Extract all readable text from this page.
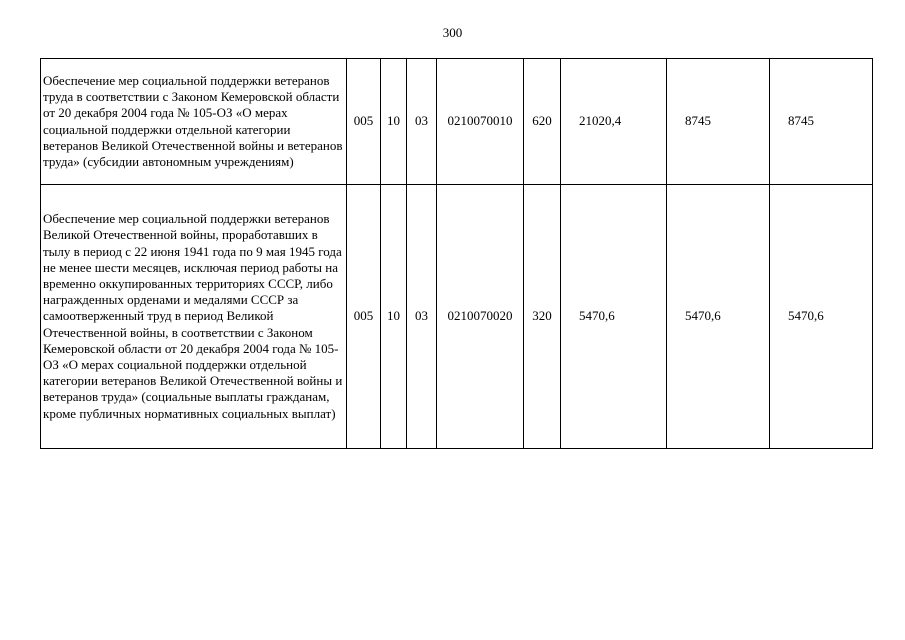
300
Обеспечение мер социальной поддержки ветеранов труда в соответствии с Законом Кемеровской области от 20 декабря 2004 года № 105-ОЗ «О мерах социальной поддержки отдельной категории ветеранов Великой Отечественной войны и ветеранов труда» (субсидии автономным учреждениям)	005	10	03	0210070010	620	21020,4	8745	8745
Обеспечение мер социальной поддержки ветеранов Великой Отечественной войны, проработавших в тылу в период с 22 июня 1941 года по 9 мая 1945 года не менее шести месяцев, исключая период работы на временно оккупированных территориях СССР, либо награжденных орденами и медалями СССР за самоотверженный труд в период Великой Отечественной войны, в соответствии с Законом Кемеровской области от 20 декабря 2004 года № 105-ОЗ «О мерах социальной поддержки отдельной категории ветеранов Великой Отечественной войны и ветеранов труда» (социальные выплаты гражданам, кроме публичных нормативных социальных выплат)	005	10	03	0210070020	320	5470,6	5470,6	5470,6
